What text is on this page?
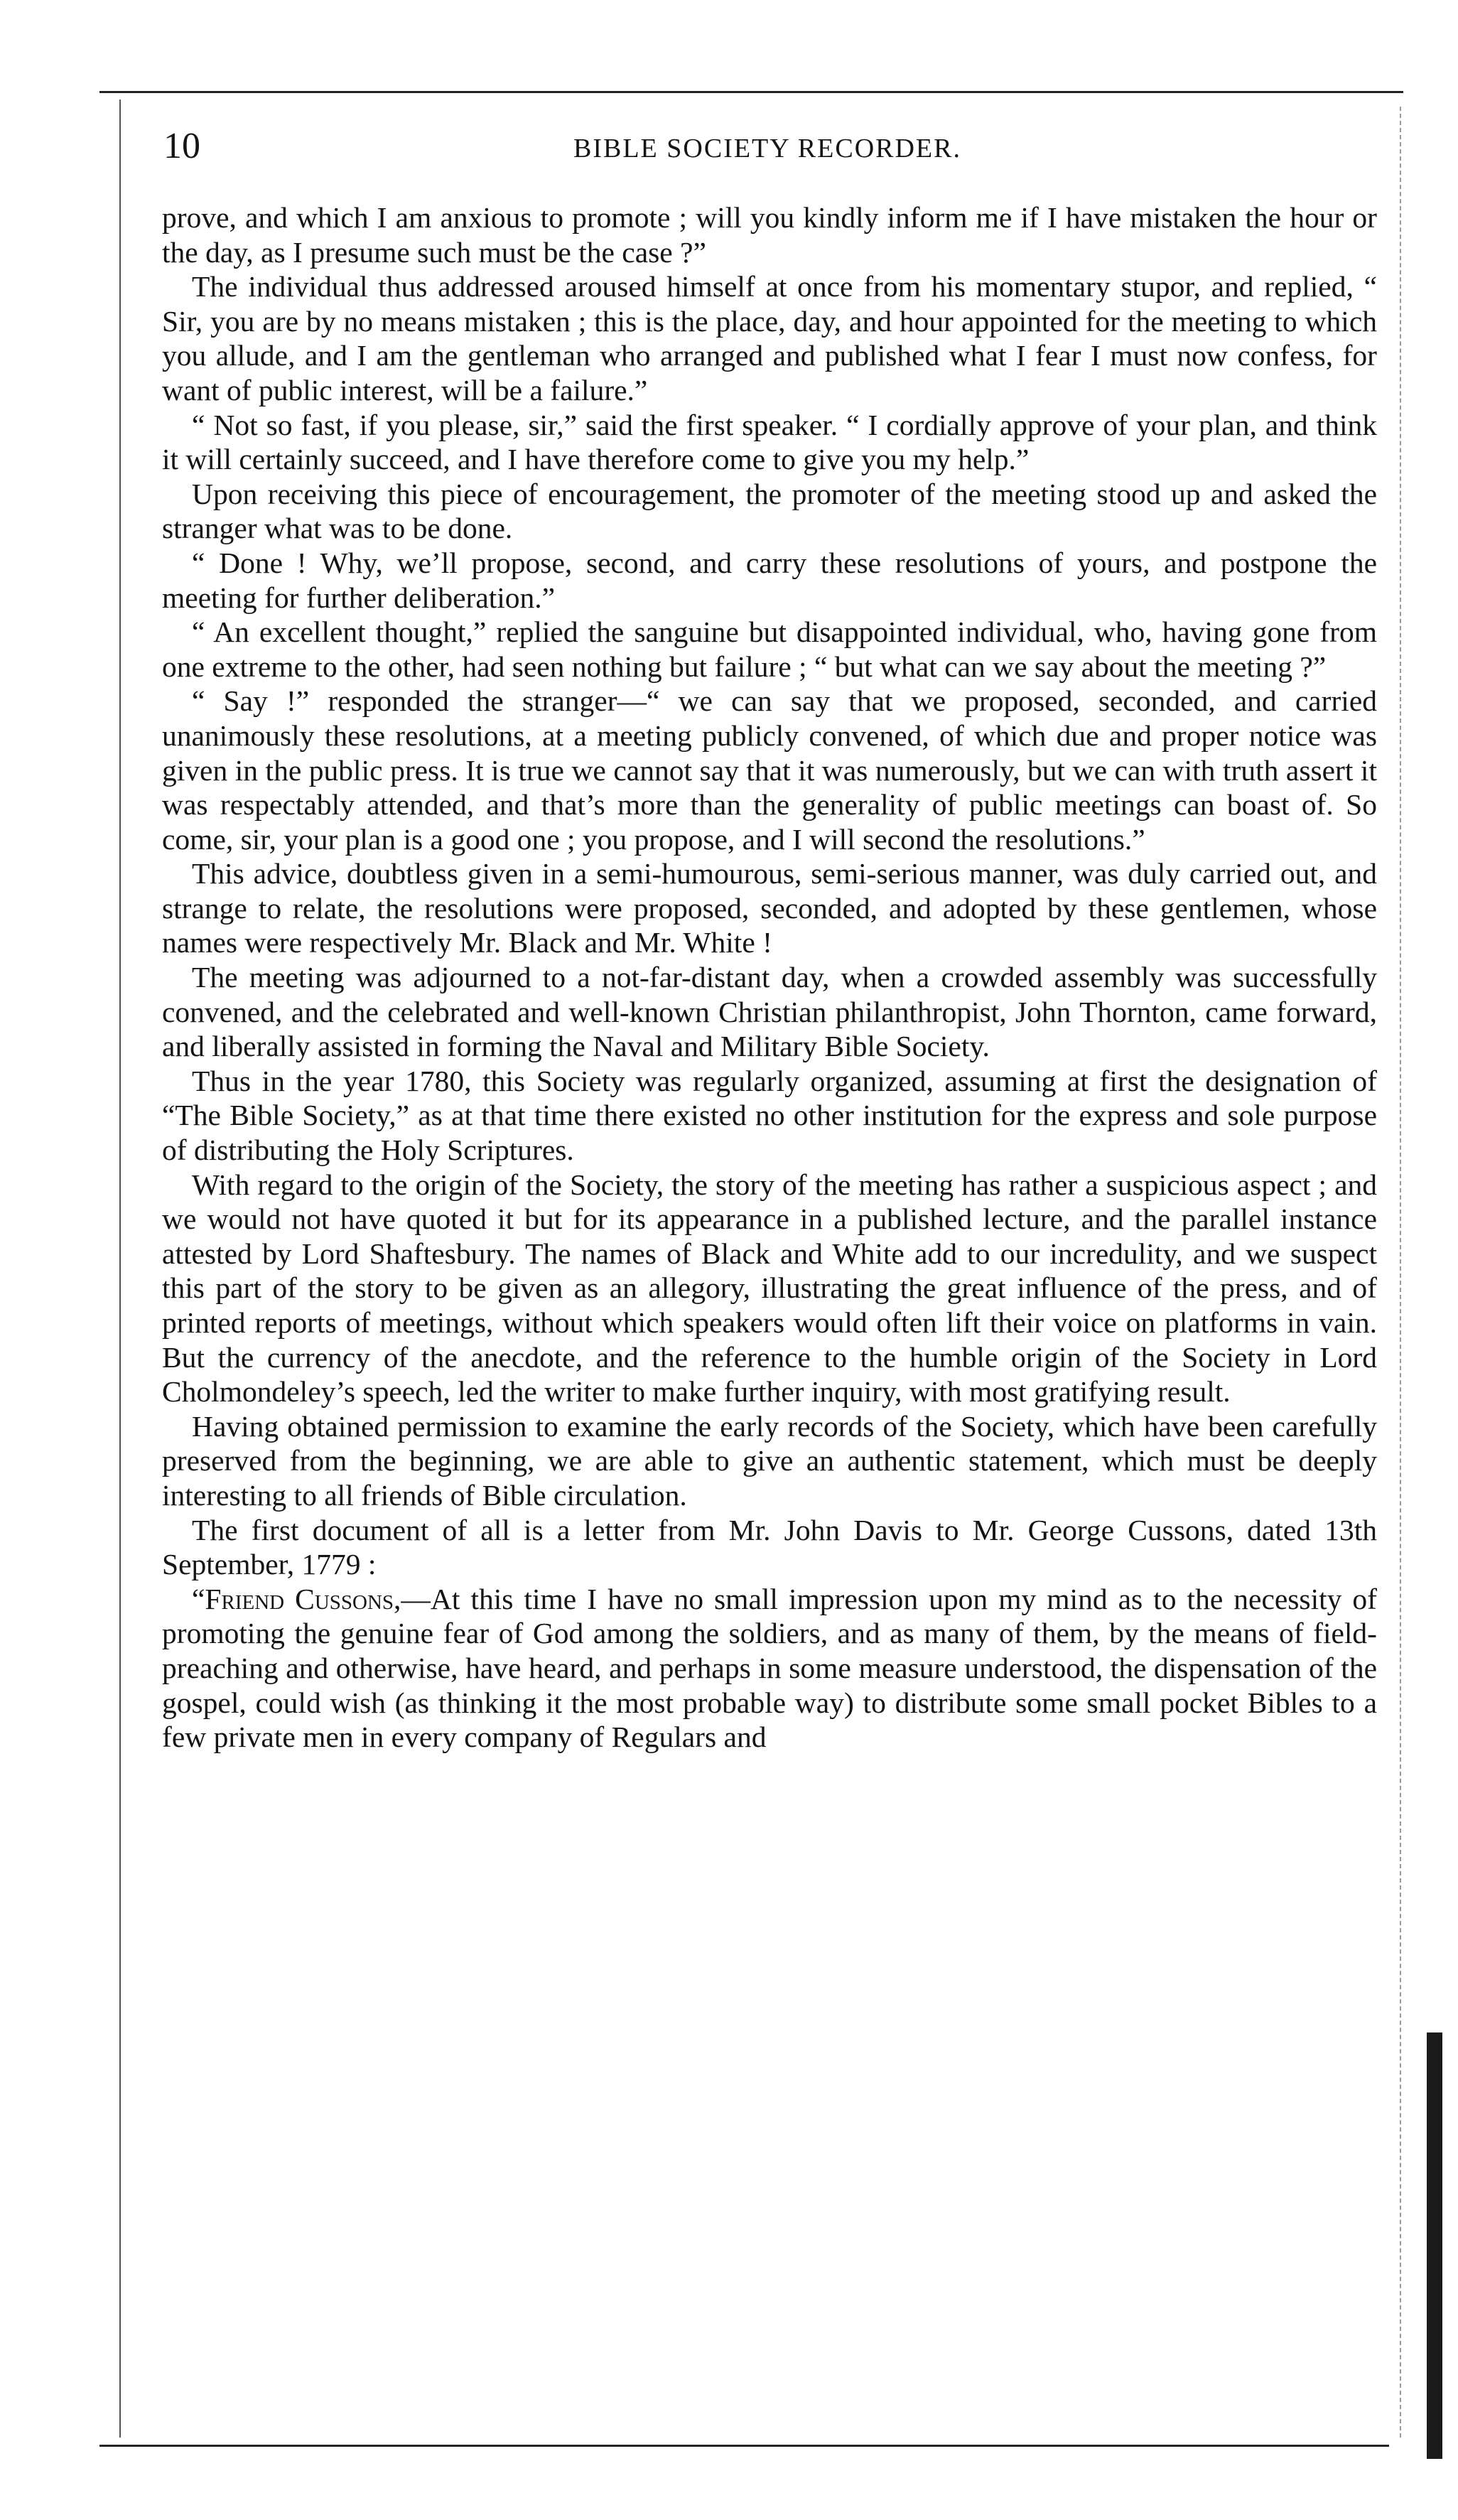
10	BIBLE SOCIETY RECORDER.

prove, and which I am anxious to promote ; will you kindly inform me if I have mistaken the hour or the day, as I presume such must be the case ?”

The individual thus addressed aroused himself at once from his momentary stupor, and replied, “ Sir, you are by no means mistaken ; this is the place, day, and hour appointed for the meeting to which you allude, and I am the gentleman who arranged and published what I fear I must now confess, for want of public interest, will be a failure.”

“ Not so fast, if you please, sir,” said the first speaker. “ I cordially approve of your plan, and think it will certainly succeed, and I have therefore come to give you my help.”

Upon receiving this piece of encouragement, the promoter of the meeting stood up and asked the stranger what was to be done.

“ Done ! Why, we’ll propose, second, and carry these resolutions of yours, and postpone the meeting for further deliberation.”

“ An excellent thought,” replied the sanguine but disappointed individual, who, having gone from one extreme to the other, had seen nothing but failure ; “ but what can we say about the meeting ?”

“ Say !” responded the stranger—“ we can say that we proposed, seconded, and carried unanimously these resolutions, at a meeting publicly convened, of which due and proper notice was given in the public press. It is true we cannot say that it was numerously, but we can with truth assert it was respectably attended, and that’s more than the generality of public meetings can boast of. So come, sir, your plan is a good one ; you propose, and I will second the resolutions.”

This advice, doubtless given in a semi-humourous, semi-serious manner, was duly carried out, and strange to relate, the resolutions were proposed, seconded, and adopted by these gentlemen, whose names were respectively Mr. Black and Mr. White !

The meeting was adjourned to a not-far-distant day, when a crowded assembly was successfully convened, and the celebrated and well-known Christian philanthropist, John Thornton, came forward, and liberally assisted in forming the Naval and Military Bible Society.

Thus in the year 1780, this Society was regularly organized, assuming at first the designation of “The Bible Society,” as at that time there existed no other institution for the express and sole purpose of distributing the Holy Scriptures.

With regard to the origin of the Society, the story of the meeting has rather a suspicious aspect ; and we would not have quoted it but for its appearance in a published lecture, and the parallel instance attested by Lord Shaftesbury. The names of Black and White add to our incredulity, and we suspect this part of the story to be given as an allegory, illustrating the great influence of the press, and of printed reports of meetings, without which speakers would often lift their voice on platforms in vain. But the currency of the anecdote, and the reference to the humble origin of the Society in Lord Cholmondeley’s speech, led the writer to make further inquiry, with most gratifying result.

Having obtained permission to examine the early records of the Society, which have been carefully preserved from the beginning, we are able to give an authentic statement, which must be deeply interesting to all friends of Bible circulation.

The first document of all is a letter from Mr. John Davis to Mr. George Cussons, dated 13th September, 1779 :

“Friend Cussons,—At this time I have no small impression upon my mind as to the necessity of promoting the genuine fear of God among the soldiers, and as many of them, by the means of field-preaching and otherwise, have heard, and perhaps in some measure understood, the dispensation of the gospel, could wish (as thinking it the most probable way) to distribute some small pocket Bibles to a few private men in every company of Regulars and
